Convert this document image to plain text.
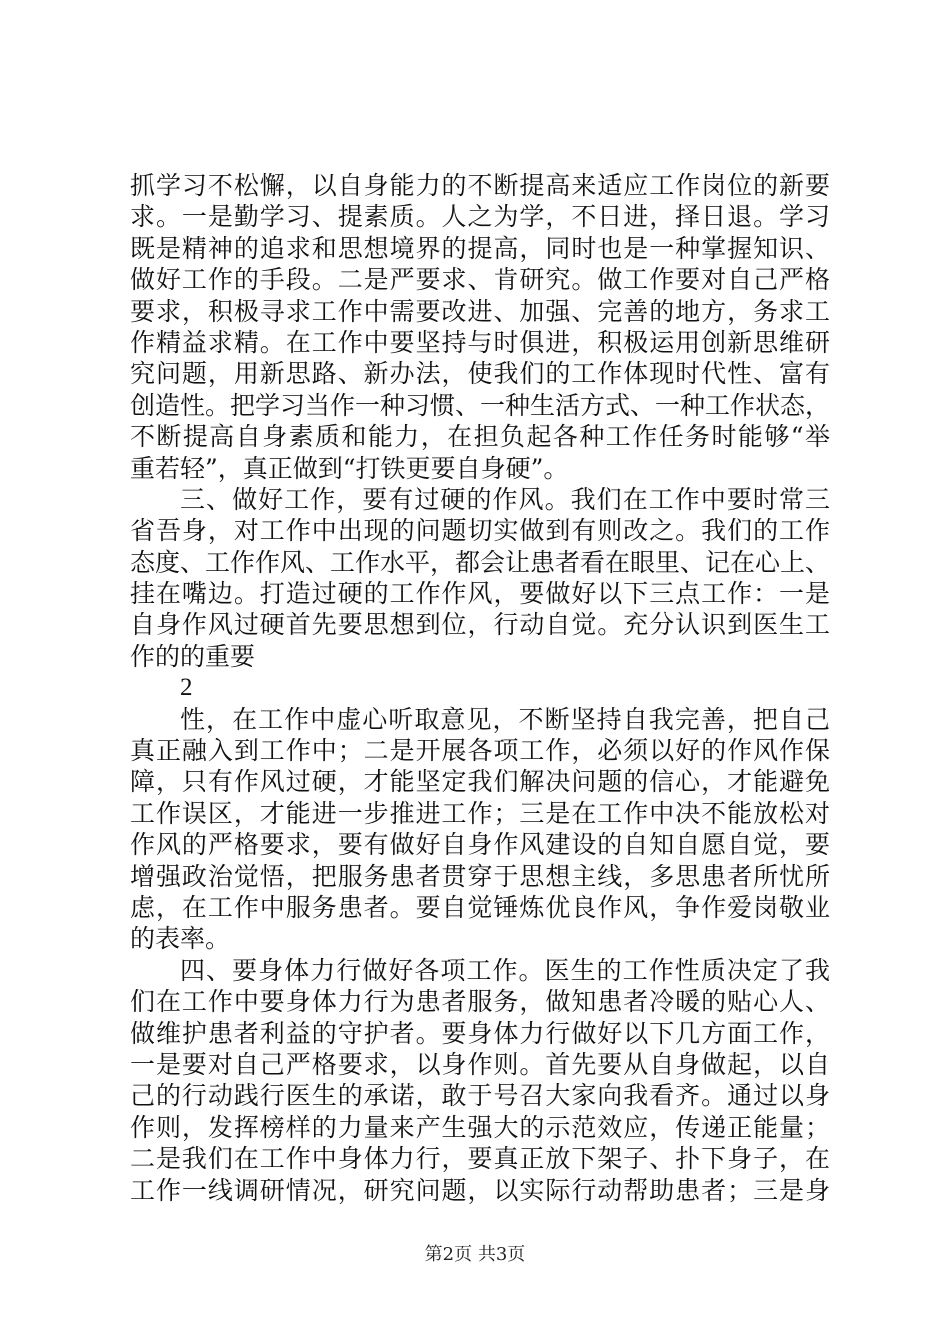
抓学习不松懈，以自身能力的不断提高来适应工作岗位的新要
求。一是勤学习、提素质。人之为学，不日进，择日退。学习
既是精神的追求和思想境界的提高，同时也是一种掌握知识、
做好工作的手段。二是严要求、肯研究。做工作要对自己严格
要求，积极寻求工作中需要改进、加强、完善的地方，务求工
作精益求精。在工作中要坚持与时俱进，积极运用创新思维研
究问题，用新思路、新办法，使我们的工作体现时代性、富有
创造性。把学习当作一种习惯、一种生活方式、一种工作状态，
不断提高自身素质和能力，在担负起各种工作任务时能够“举
重若轻”，真正做到“打铁更要自身硬”。
三、做好工作，要有过硬的作风。我们在工作中要时常三
省吾身，对工作中出现的问题切实做到有则改之。我们的工作
态度、工作作风、工作水平，都会让患者看在眼里、记在心上、
挂在嘴边。打造过硬的工作作风，要做好以下三点工作：一是
自身作风过硬首先要思想到位，行动自觉。充分认识到医生工
作的的重要
2
性，在工作中虚心听取意见，不断坚持自我完善，把自己
真正融入到工作中；二是开展各项工作，必须以好的作风作保
障，只有作风过硬，才能坚定我们解决问题的信心，才能避免
工作误区，才能进一步推进工作；三是在工作中决不能放松对
作风的严格要求，要有做好自身作风建设的自知自愿自觉，要
增强政治觉悟，把服务患者贯穿于思想主线，多思患者所忧所
虑，在工作中服务患者。要自觉锤炼优良作风，争作爱岗敬业
的表率。
四、要身体力行做好各项工作。医生的工作性质决定了我
们在工作中要身体力行为患者服务，做知患者冷暖的贴心人、
做维护患者利益的守护者。要身体力行做好以下几方面工作，
一是要对自己严格要求，以身作则。首先要从自身做起，以自
己的行动践行医生的承诺，敢于号召大家向我看齐。通过以身
作则，发挥榜样的力量来产生强大的示范效应，传递正能量；
二是我们在工作中身体力行，要真正放下架子、扑下身子，在
工作一线调研情况，研究问题，以实际行动帮助患者；三是身
第2页 共3页
